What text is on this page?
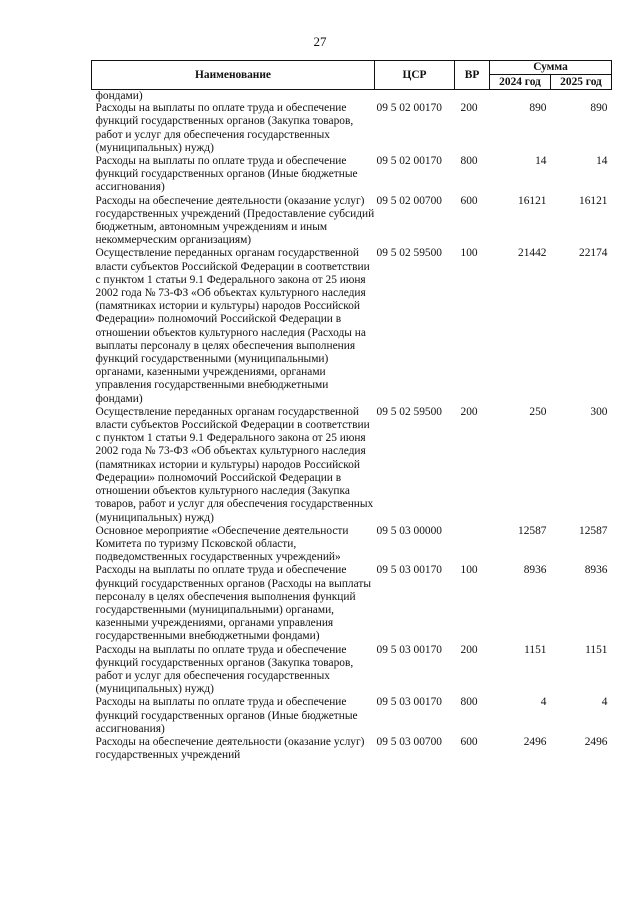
27
Наименование	ЦСР	ВР	Сумма	
			2024 год	2025 год
фондами)				
Расходы на выплаты по оплате труда и обеспечение функций государственных органов (Закупка товаров, работ и услуг для обеспечения государственных (муниципальных) нужд)	09 5 02 00170	200	890	890
Расходы на выплаты по оплате труда и обеспечение функций государственных органов (Иные бюджетные ассигнования)	09 5 02 00170	800	14	14
Расходы на обеспечение деятельности (оказание услуг) государственных учреждений (Предоставление субсидий бюджетным, автономным учреждениям и иным некоммерческим организациям)	09 5 02 00700	600	16121	16121
Осуществление переданных органам государственной власти субъектов Российской Федерации в соответствии с пунктом 1 статьи 9.1 Федерального закона от 25 июня 2002 года № 73-ФЗ «Об объектах культурного наследия (памятниках истории и культуры) народов Российской Федерации» полномочий Российской Федерации в отношении объектов культурного наследия (Расходы на выплаты персоналу в целях обеспечения выполнения функций государственными (муниципальными) органами, казенными учреждениями, органами управления государственными внебюджетными фондами)	09 5 02 59500	100	21442	22174
Осуществление переданных органам государственной власти субъектов Российской Федерации в соответствии с пунктом 1 статьи 9.1 Федерального закона от 25 июня 2002 года № 73-ФЗ «Об объектах культурного наследия (памятниках истории и культуры) народов Российской Федерации» полномочий Российской Федерации в отношении объектов культурного наследия (Закупка товаров, работ и услуг для обеспечения государственных (муниципальных) нужд)	09 5 02 59500	200	250	300
Основное мероприятие «Обеспечение деятельности Комитета по туризму Псковской области, подведомственных государственных учреждений»	09 5 03 00000		12587	12587
Расходы на выплаты по оплате труда и обеспечение функций государственных органов (Расходы на выплаты персоналу в целях обеспечения выполнения функций государственными (муниципальными) органами, казенными учреждениями, органами управления государственными внебюджетными фондами)	09 5 03 00170	100	8936	8936
Расходы на выплаты по оплате труда и обеспечение функций государственных органов (Закупка товаров, работ и услуг для обеспечения государственных (муниципальных) нужд)	09 5 03 00170	200	1151	1151
Расходы на выплаты по оплате труда и обеспечение функций государственных органов (Иные бюджетные ассигнования)	09 5 03 00170	800	4	4
Расходы на обеспечение деятельности (оказание услуг) государственных учреждений	09 5 03 00700	600	2496	2496
